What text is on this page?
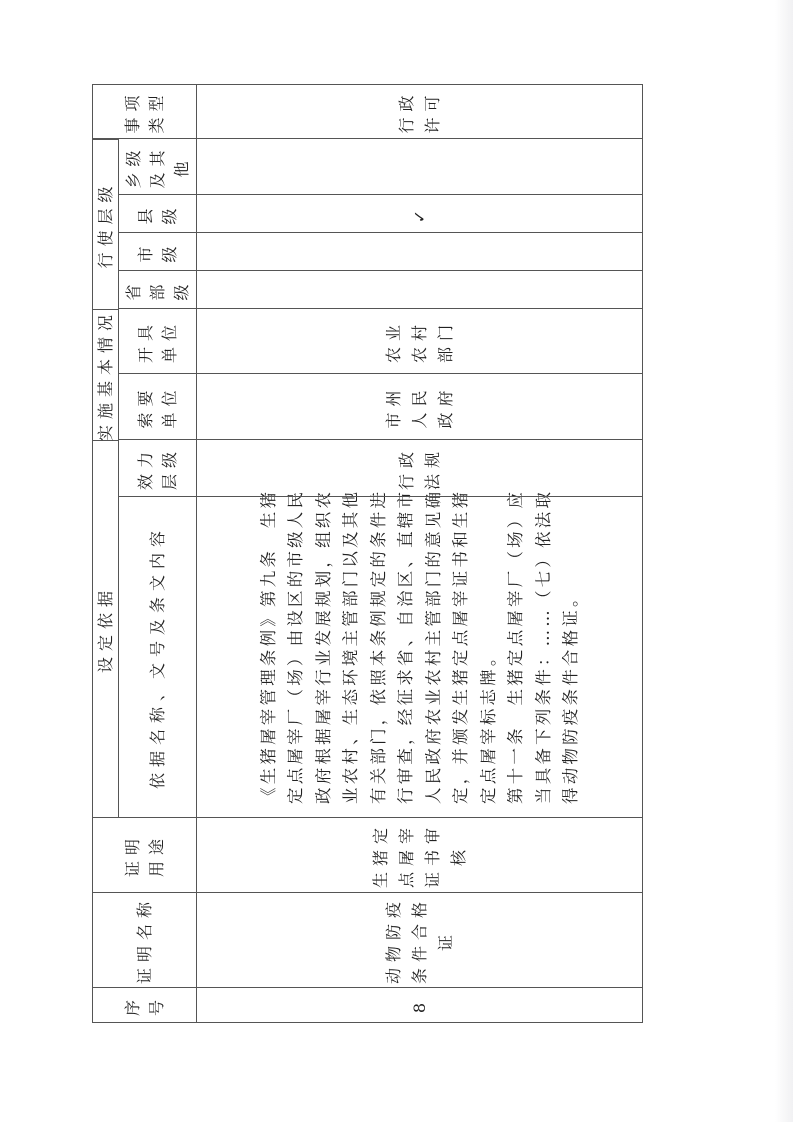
设定依据
实施基本情况
行使层级
序 号	8
证明名称	动物防疫 条件合格 证
证明 用途	生猪定 点屠宰 证书审 核
依据名称、文号及条文内容	《生猪屠宰管理条例》第九条　生猪 定点屠宰厂（场）由设区的市级人民 政府根据屠宰行业发展规划，组织农 业农村、生态环境主管部门以及其他 有关部门，依照本条例规定的条件进 行审查，经征求省、自治区、直辖市 人民政府农业农村主管部门的意见确 定，并颁发生猪定点屠宰证书和生猪 定点屠宰标志牌。 第十一条　生猪定点屠宰厂（场）应 当具备下列条件：……（七）依法取 得动物防疫条件合格证。
效力 层级	行政 法规
索要 单位	市州 人民 政府
开具 单位	农业 农村 部门
省 部 级
市 级
县 级	✓
乡级 及其 他
事项 类型	行政 许可
